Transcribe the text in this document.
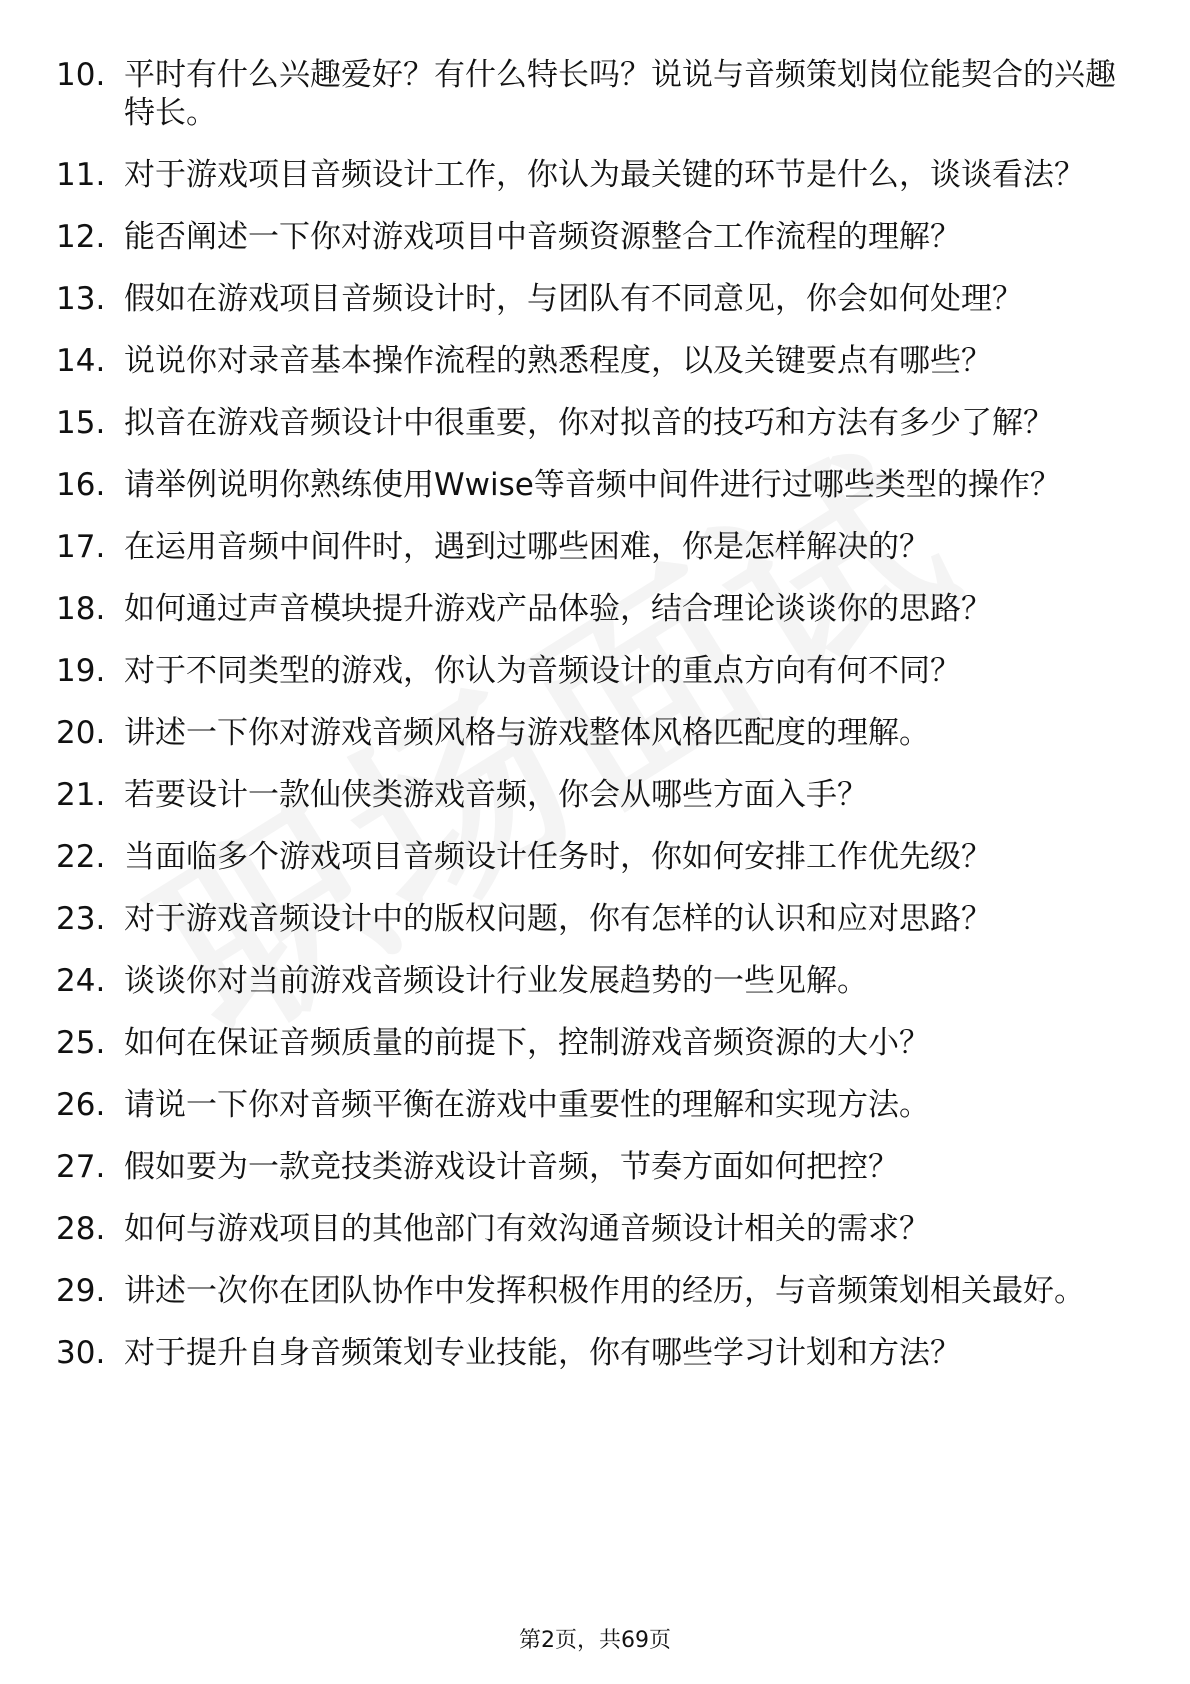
10. 平时有什么兴趣爱好？有什么特长吗？说说与音频策划岗位能契合的兴趣特长。
11. 对于游戏项目音频设计工作，你认为最关键的环节是什么，谈谈看法？
12. 能否阐述一下你对游戏项目中音频资源整合工作流程的理解？
13. 假如在游戏项目音频设计时，与团队有不同意见，你会如何处理？
14. 说说你对录音基本操作流程的熟悉程度，以及关键要点有哪些？
15. 拟音在游戏音频设计中很重要，你对拟音的技巧和方法有多少了解？
16. 请举例说明你熟练使用Wwise等音频中间件进行过哪些类型的操作？
17. 在运用音频中间件时，遇到过哪些困难，你是怎样解决的？
18. 如何通过声音模块提升游戏产品体验，结合理论谈谈你的思路？
19. 对于不同类型的游戏，你认为音频设计的重点方向有何不同？
20. 讲述一下你对游戏音频风格与游戏整体风格匹配度的理解。
21. 若要设计一款仙侠类游戏音频，你会从哪些方面入手？
22. 当面临多个游戏项目音频设计任务时，你如何安排工作优先级？
23. 对于游戏音频设计中的版权问题，你有怎样的认识和应对思路？
24. 谈谈你对当前游戏音频设计行业发展趋势的一些见解。
25. 如何在保证音频质量的前提下，控制游戏音频资源的大小？
26. 请说一下你对音频平衡在游戏中重要性的理解和实现方法。
27. 假如要为一款竞技类游戏设计音频，节奏方面如何把控？
28. 如何与游戏项目的其他部门有效沟通音频设计相关的需求？
29. 讲述一次你在团队协作中发挥积极作用的经历，与音频策划相关最好。
30. 对于提升自身音频策划专业技能，你有哪些学习计划和方法？
第2页，共69页
